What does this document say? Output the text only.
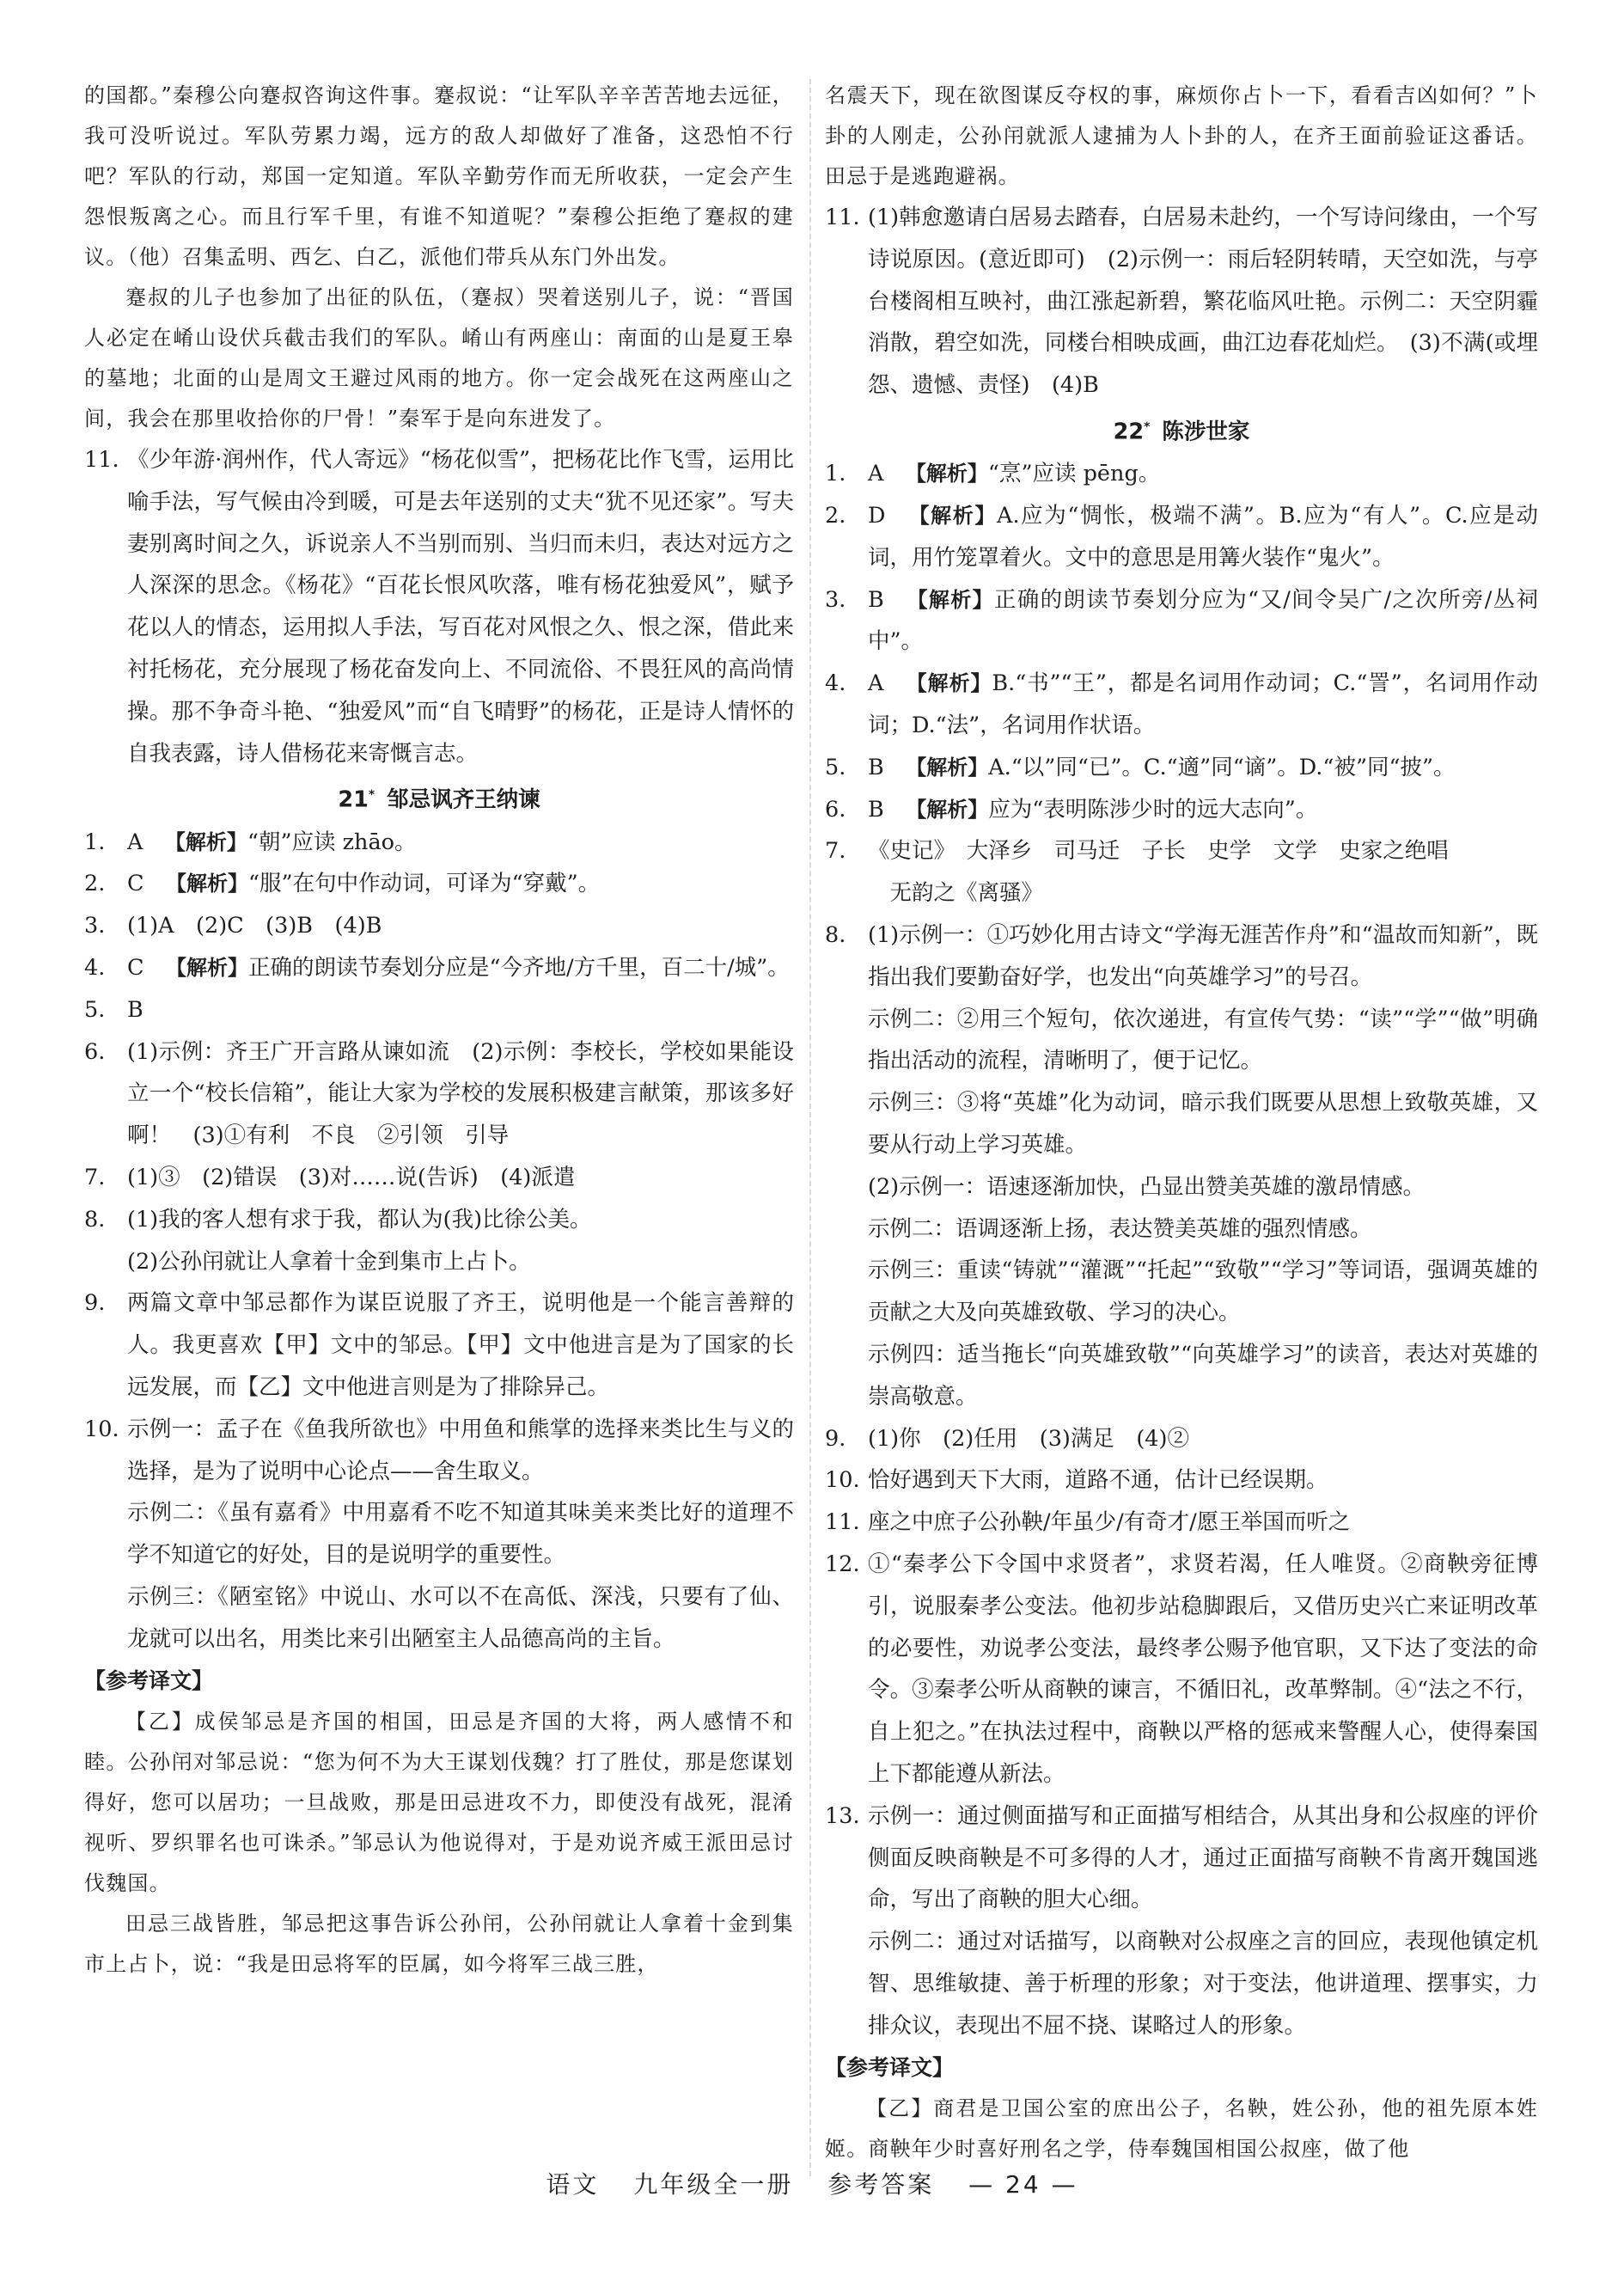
的国都。”秦穆公向蹇叔咨询这件事。蹇叔说：“让军队辛辛苦苦地去远征，我可没听说过。军队劳累力竭，远方的敌人却做好了准备，这恐怕不行吧？军队的行动，郑国一定知道。军队辛勤劳作而无所收获，一定会产生怨恨叛离之心。而且行军千里，有谁不知道呢？”秦穆公拒绝了蹇叔的建议。（他）召集孟明、西乞、白乙，派他们带兵从东门外出发。

蹇叔的儿子也参加了出征的队伍，（蹇叔）哭着送别儿子，说：“晋国人必定在崤山设伏兵截击我们的军队。崤山有两座山：南面的山是夏王皋的墓地；北面的山是周文王避过风雨的地方。你一定会战死在这两座山之间，我会在那里收拾你的尸骨！”秦军于是向东进发了。

11. 《少年游·润州作，代人寄远》“杨花似雪”，把杨花比作飞雪，运用比喻手法，写气候由冷到暖，可是去年送别的丈夫“犹不见还家”。写夫妻别离时间之久，诉说亲人不当别而别、当归而未归，表达对远方之人深深的思念。《杨花》“百花长恨风吹落，唯有杨花独爱风”，赋予花以人的情态，运用拟人手法，写百花对风恨之久、恨之深，借此来衬托杨花，充分展现了杨花奋发向上、不同流俗、不畏狂风的高尚情操。那不争奇斗艳、“独爱风”而“自飞晴野”的杨花，正是诗人情怀的自我表露，诗人借杨花来寄慨言志。

21* 邹忌讽齐王纳谏

1. A  【解析】“朝”应读 zhāo。

2. C  【解析】“服”在句中作动词，可译为“穿戴”。

3. (1)A　(2)C　(3)B　(4)B

4. C  【解析】正确的朗读节奏划分应是“今齐地/方千里，百二十/城”。

5. B

6. (1)示例：齐王广开言路从谏如流　(2)示例：李校长，学校如果能设立一个“校长信箱”，能让大家为学校的发展积极建言献策，那该多好啊！　(3)①有利　不良　②引领　引导

7. (1)③　(2)错误　(3)对……说(告诉)　(4)派遣

8. (1)我的客人想有求于我，都认为(我)比徐公美。

(2)公孙闬就让人拿着十金到集市上占卜。

9. 两篇文章中邹忌都作为谋臣说服了齐王，说明他是一个能言善辩的人。我更喜欢【甲】文中的邹忌。【甲】文中他进言是为了国家的长远发展，而【乙】文中他进言则是为了排除异己。

10. 示例一：孟子在《鱼我所欲也》中用鱼和熊掌的选择来类比生与义的选择，是为了说明中心论点——舍生取义。

示例二：《虽有嘉肴》中用嘉肴不吃不知道其味美来类比好的道理不学不知道它的好处，目的是说明学的重要性。

示例三：《陋室铭》中说山、水可以不在高低、深浅，只要有了仙、龙就可以出名，用类比来引出陋室主人品德高尚的主旨。

【参考译文】

【乙】成侯邹忌是齐国的相国，田忌是齐国的大将，两人感情不和睦。公孙闬对邹忌说：“您为何不为大王谋划伐魏？打了胜仗，那是您谋划得好，您可以居功；一旦战败，那是田忌进攻不力，即使没有战死，混淆视听、罗织罪名也可诛杀。”邹忌认为他说得对，于是劝说齐威王派田忌讨伐魏国。

田忌三战皆胜，邹忌把这事告诉公孙闬，公孙闬就让人拿着十金到集市上占卜，说：“我是田忌将军的臣属，如今将军三战三胜，

名震天下，现在欲图谋反夺权的事，麻烦你占卜一下，看看吉凶如何？”卜卦的人刚走，公孙闬就派人逮捕为人卜卦的人，在齐王面前验证这番话。田忌于是逃跑避祸。

11. (1)韩愈邀请白居易去踏春，白居易未赴约，一个写诗问缘由，一个写诗说原因。(意近即可)　(2)示例一：雨后轻阴转晴，天空如洗，与亭台楼阁相互映衬，曲江涨起新碧，繁花临风吐艳。示例二：天空阴霾消散，碧空如洗，同楼台相映成画，曲江边春花灿烂。　(3)不满(或埋怨、遗憾、责怪)　(4)B

22* 陈涉世家

1. A  【解析】“烹”应读 pēng。

2. D  【解析】A.应为“惆怅，极端不满”。B.应为“有人”。C.应是动词，用竹笼罩着火。文中的意思是用篝火装作“鬼火”。

3. B  【解析】正确的朗读节奏划分应为“又/间令吴广/之次所旁/丛祠中”。

4. A  【解析】B.“书”“王”，都是名词用作动词；C.“詈”，名词用作动词；D.“法”，名词用作状语。

5. B  【解析】A.“以”同“已”。C.“適”同“谪”。D.“被”同“披”。

6. B  【解析】应为“表明陈涉少时的远大志向”。

7. 《史记》　大泽乡　司马迁　子长　史学　文学　史家之绝唱

　无韵之《离骚》

8. (1)示例一：①巧妙化用古诗文“学海无涯苦作舟”和“温故而知新”，既指出我们要勤奋好学，也发出“向英雄学习”的号召。

示例二：②用三个短句，依次递进，有宣传气势：“读”“学”“做”明确指出活动的流程，清晰明了，便于记忆。

示例三：③将“英雄”化为动词，暗示我们既要从思想上致敬英雄，又要从行动上学习英雄。

(2)示例一：语速逐渐加快，凸显出赞美英雄的激昂情感。

示例二：语调逐渐上扬，表达赞美英雄的强烈情感。

示例三：重读“铸就”“灌溉”“托起”“致敬”“学习”等词语，强调英雄的贡献之大及向英雄致敬、学习的决心。

示例四：适当拖长“向英雄致敬”“向英雄学习”的读音，表达对英雄的崇高敬意。

9. (1)你　(2)任用　(3)满足　(4)②

10. 恰好遇到天下大雨，道路不通，估计已经误期。

11. 座之中庶子公孙鞅/年虽少/有奇才/愿王举国而听之

12. ①“秦孝公下令国中求贤者”，求贤若渴，任人唯贤。②商鞅旁征博引，说服秦孝公变法。他初步站稳脚跟后，又借历史兴亡来证明改革的必要性，劝说孝公变法，最终孝公赐予他官职，又下达了变法的命令。③秦孝公听从商鞅的谏言，不循旧礼，改革弊制。④“法之不行，自上犯之。”在执法过程中，商鞅以严格的惩戒来警醒人心，使得秦国上下都能遵从新法。

13. 示例一：通过侧面描写和正面描写相结合，从其出身和公叔座的评价侧面反映商鞅是不可多得的人才，通过正面描写商鞅不肯离开魏国逃命，写出了商鞅的胆大心细。

示例二：通过对话描写，以商鞅对公叔座之言的回应，表现他镇定机智、思维敏捷、善于析理的形象；对于变法，他讲道理、摆事实，力排众议，表现出不屈不挠、谋略过人的形象。

【参考译文】

【乙】商君是卫国公室的庶出公子，名鞅，姓公孙，他的祖先原本姓姬。商鞅年少时喜好刑名之学，侍奉魏国相国公叔座，做了他

语文 九年级全一册 参考答案 — 24 —
